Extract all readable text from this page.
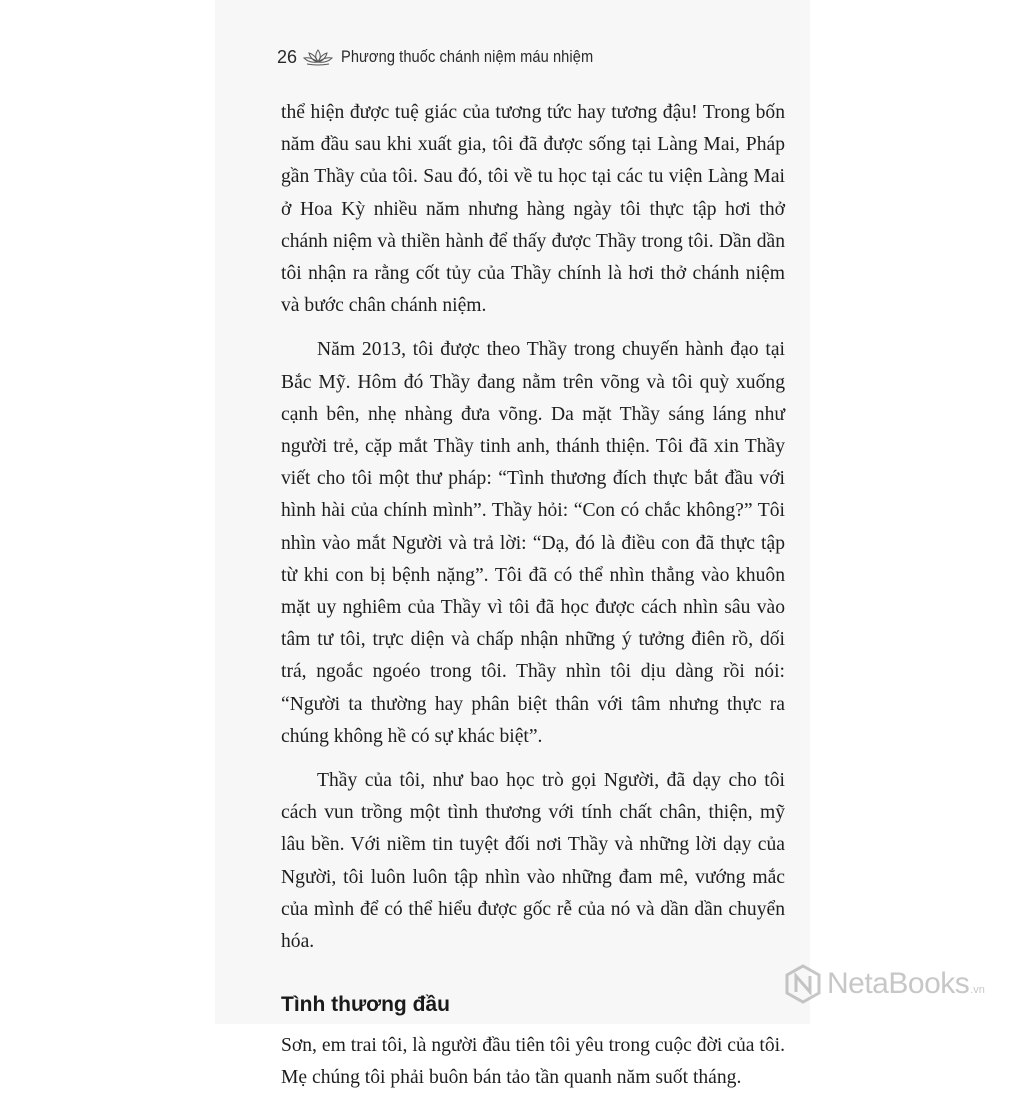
26	Phương thuốc chánh niệm máu nhiệm

thể hiện được tuệ giác của tương tức hay tương đậu! Trong bốn năm đầu sau khi xuất gia, tôi đã được sống tại Làng Mai, Pháp gần Thầy của tôi. Sau đó, tôi về tu học tại các tu viện Làng Mai ở Hoa Kỳ nhiều năm nhưng hàng ngày tôi thực tập hơi thở chánh niệm và thiền hành để thấy được Thầy trong tôi. Dần dần tôi nhận ra rằng cốt tủy của Thầy chính là hơi thở chánh niệm và bước chân chánh niệm.

Năm 2013, tôi được theo Thầy trong chuyến hành đạo tại Bắc Mỹ. Hôm đó Thầy đang nằm trên võng và tôi quỳ xuống cạnh bên, nhẹ nhàng đưa võng. Da mặt Thầy sáng láng như người trẻ, cặp mắt Thầy tinh anh, thánh thiện. Tôi đã xin Thầy viết cho tôi một thư pháp: “Tình thương đích thực bắt đầu với hình hài của chính mình”. Thầy hỏi: “Con có chắc không?” Tôi nhìn vào mắt Người và trả lời: “Dạ, đó là điều con đã thực tập từ khi con bị bệnh nặng”. Tôi đã có thể nhìn thẳng vào khuôn mặt uy nghiêm của Thầy vì tôi đã học được cách nhìn sâu vào tâm tư tôi, trực diện và chấp nhận những ý tưởng điên rồ, dối trá, ngoắc ngoéo trong tôi. Thầy nhìn tôi dịu dàng rồi nói: “Người ta thường hay phân biệt thân với tâm nhưng thực ra chúng không hề có sự khác biệt”.

Thầy của tôi, như bao học trò gọi Người, đã dạy cho tôi cách vun trồng một tình thương với tính chất chân, thiện, mỹ lâu bền. Với niềm tin tuyệt đối nơi Thầy và những lời dạy của Người, tôi luôn luôn tập nhìn vào những đam mê, vướng mắc của mình để có thể hiểu được gốc rễ của nó và dần dần chuyển hóa.

Tình thương đầu

Sơn, em trai tôi, là người đầu tiên tôi yêu trong cuộc đời của tôi. Mẹ chúng tôi phải buôn bán tảo tần quanh năm suốt tháng.

NetaBooks .vn
